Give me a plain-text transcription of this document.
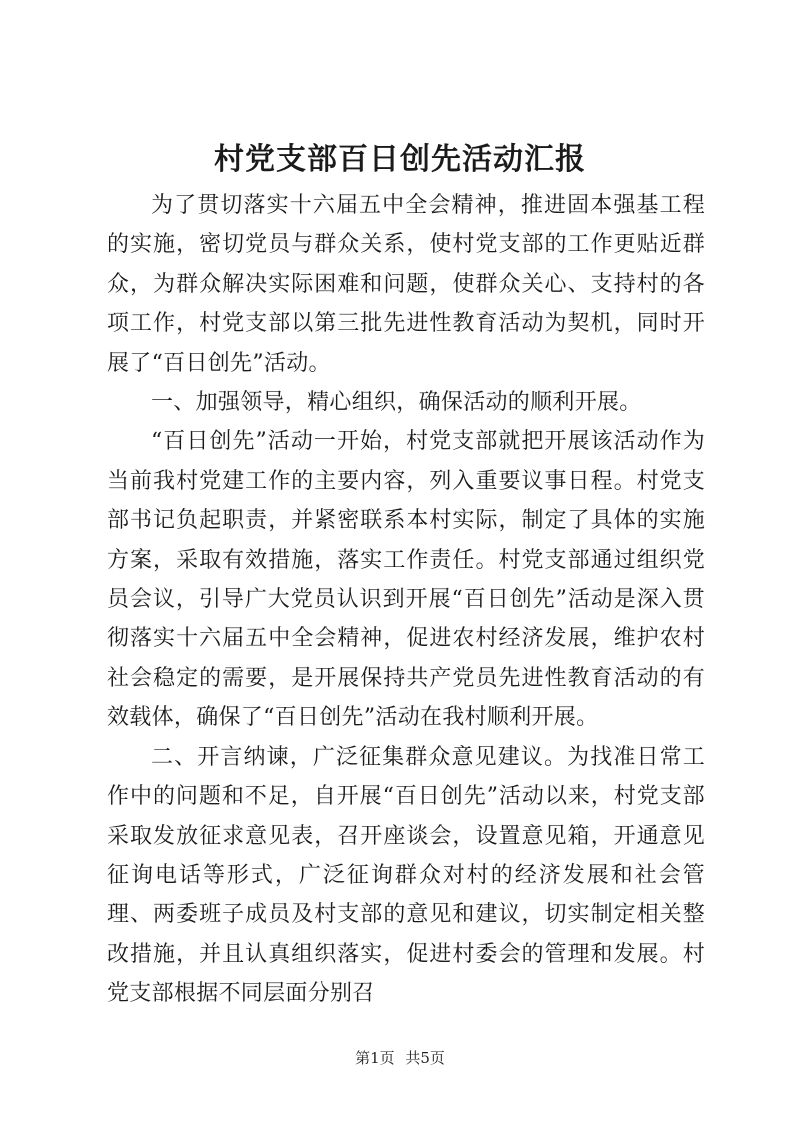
村党支部百日创先活动汇报

为了贯切落实十六届五中全会精神，推进固本强基工程的实施，密切党员与群众关系，使村党支部的工作更贴近群众，为群众解决实际困难和问题，使群众关心、支持村的各项工作，村党支部以第三批先进性教育活动为契机，同时开展了“百日创先”活动。

一、加强领导，精心组织，确保活动的顺利开展。

“百日创先”活动一开始，村党支部就把开展该活动作为当前我村党建工作的主要内容，列入重要议事日程。村党支部书记负起职责，并紧密联系本村实际，制定了具体的实施方案，采取有效措施，落实工作责任。村党支部通过组织党员会议，引导广大党员认识到开展“百日创先”活动是深入贯彻落实十六届五中全会精神，促进农村经济发展，维护农村社会稳定的需要，是开展保持共产党员先进性教育活动的有效载体，确保了“百日创先”活动在我村顺利开展。

二、开言纳谏，广泛征集群众意见建议。为找准日常工作中的问题和不足，自开展“百日创先”活动以来，村党支部采取发放征求意见表，召开座谈会，设置意见箱，开通意见征询电话等形式，广泛征询群众对村的经济发展和社会管理、两委班子成员及村支部的意见和建议，切实制定相关整改措施，并且认真组织落实，促进村委会的管理和发展。村党支部根据不同层面分别召

第1页 共5页
